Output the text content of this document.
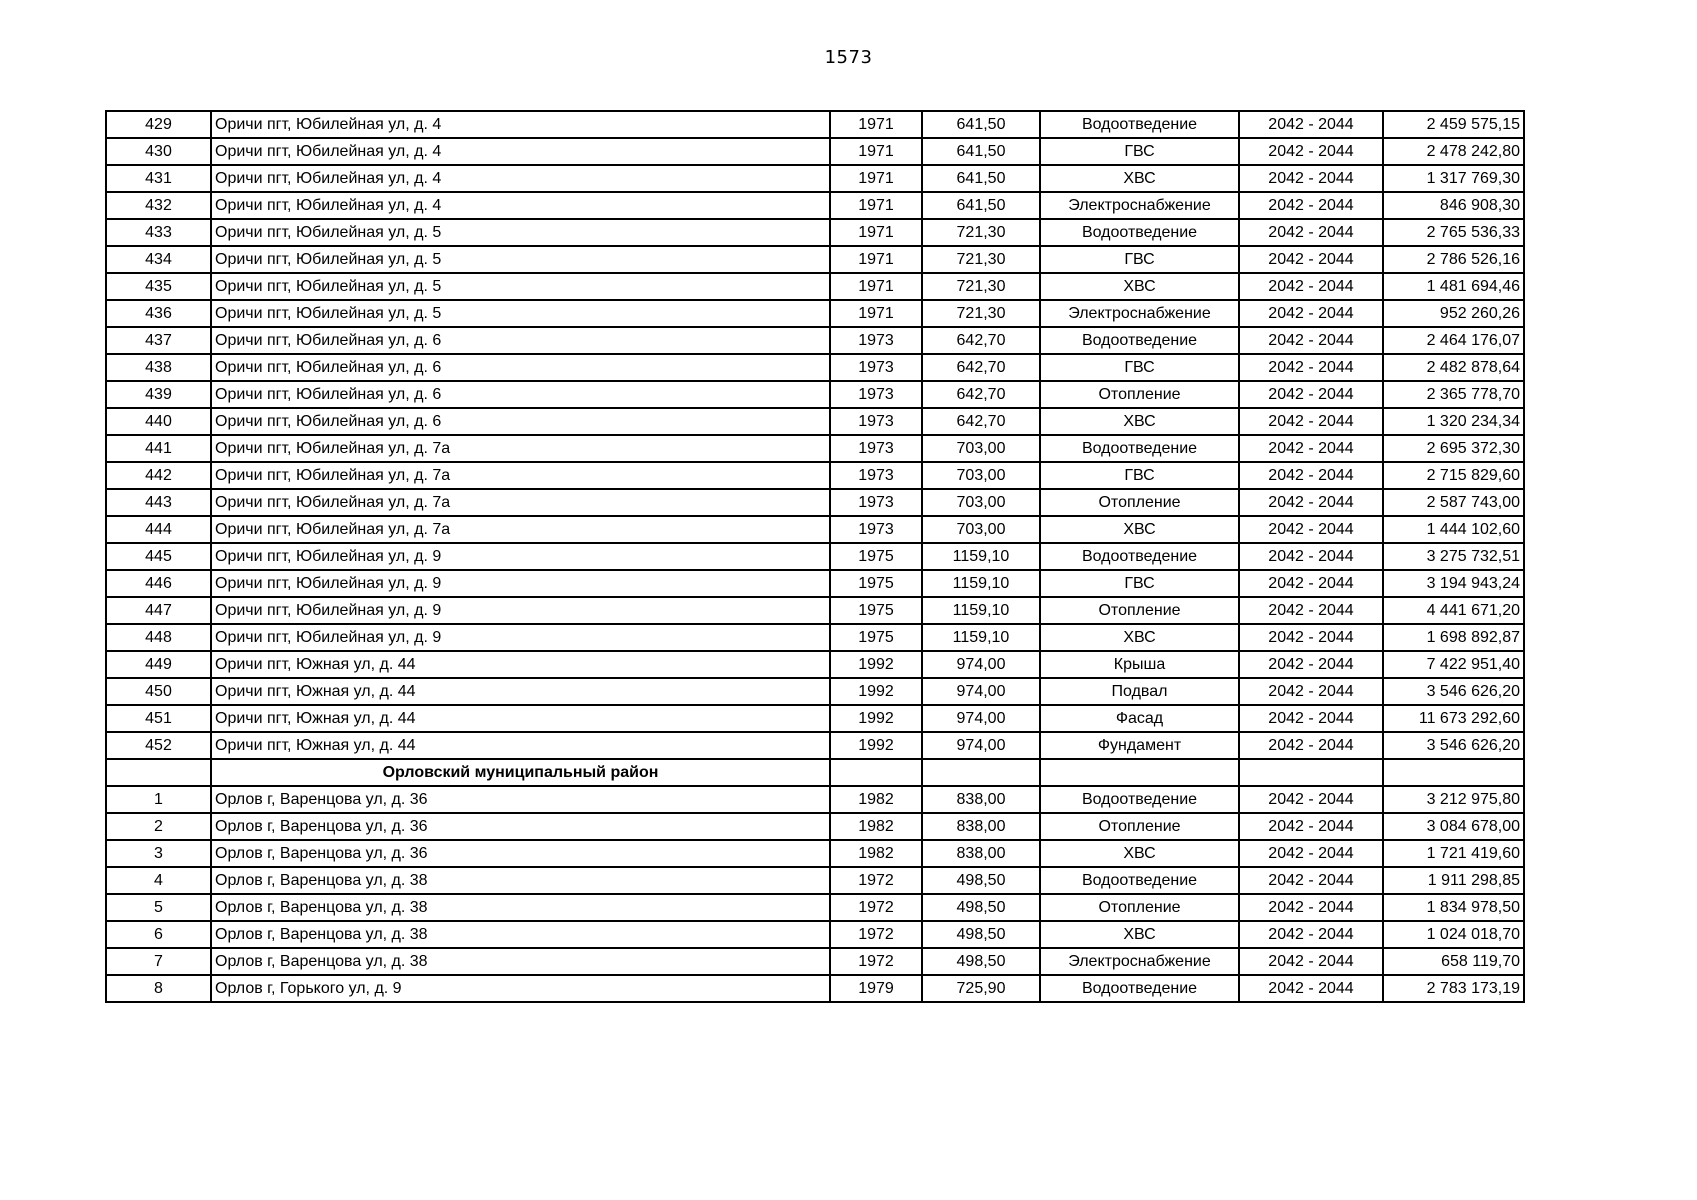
1573
429	Оричи пгт, Юбилейная ул, д. 4	1971	641,50	Водоотведение	2042 - 2044	2 459 575,15
430	Оричи пгт, Юбилейная ул, д. 4	1971	641,50	ГВС	2042 - 2044	2 478 242,80
431	Оричи пгт, Юбилейная ул, д. 4	1971	641,50	ХВС	2042 - 2044	1 317 769,30
432	Оричи пгт, Юбилейная ул, д. 4	1971	641,50	Электроснабжение	2042 - 2044	846 908,30
433	Оричи пгт, Юбилейная ул, д. 5	1971	721,30	Водоотведение	2042 - 2044	2 765 536,33
434	Оричи пгт, Юбилейная ул, д. 5	1971	721,30	ГВС	2042 - 2044	2 786 526,16
435	Оричи пгт, Юбилейная ул, д. 5	1971	721,30	ХВС	2042 - 2044	1 481 694,46
436	Оричи пгт, Юбилейная ул, д. 5	1971	721,30	Электроснабжение	2042 - 2044	952 260,26
437	Оричи пгт, Юбилейная ул, д. 6	1973	642,70	Водоотведение	2042 - 2044	2 464 176,07
438	Оричи пгт, Юбилейная ул, д. 6	1973	642,70	ГВС	2042 - 2044	2 482 878,64
439	Оричи пгт, Юбилейная ул, д. 6	1973	642,70	Отопление	2042 - 2044	2 365 778,70
440	Оричи пгт, Юбилейная ул, д. 6	1973	642,70	ХВС	2042 - 2044	1 320 234,34
441	Оричи пгт, Юбилейная ул, д. 7а	1973	703,00	Водоотведение	2042 - 2044	2 695 372,30
442	Оричи пгт, Юбилейная ул, д. 7а	1973	703,00	ГВС	2042 - 2044	2 715 829,60
443	Оричи пгт, Юбилейная ул, д. 7а	1973	703,00	Отопление	2042 - 2044	2 587 743,00
444	Оричи пгт, Юбилейная ул, д. 7а	1973	703,00	ХВС	2042 - 2044	1 444 102,60
445	Оричи пгт, Юбилейная ул, д. 9	1975	1159,10	Водоотведение	2042 - 2044	3 275 732,51
446	Оричи пгт, Юбилейная ул, д. 9	1975	1159,10	ГВС	2042 - 2044	3 194 943,24
447	Оричи пгт, Юбилейная ул, д. 9	1975	1159,10	Отопление	2042 - 2044	4 441 671,20
448	Оричи пгт, Юбилейная ул, д. 9	1975	1159,10	ХВС	2042 - 2044	1 698 892,87
449	Оричи пгт, Южная ул, д. 44	1992	974,00	Крыша	2042 - 2044	7 422 951,40
450	Оричи пгт, Южная ул, д. 44	1992	974,00	Подвал	2042 - 2044	3 546 626,20
451	Оричи пгт, Южная ул, д. 44	1992	974,00	Фасад	2042 - 2044	11 673 292,60
452	Оричи пгт, Южная ул, д. 44	1992	974,00	Фундамент	2042 - 2044	3 546 626,20
	Орловский муниципальный район					
1	Орлов г, Варенцова ул, д. 36	1982	838,00	Водоотведение	2042 - 2044	3 212 975,80
2	Орлов г, Варенцова ул, д. 36	1982	838,00	Отопление	2042 - 2044	3 084 678,00
3	Орлов г, Варенцова ул, д. 36	1982	838,00	ХВС	2042 - 2044	1 721 419,60
4	Орлов г, Варенцова ул, д. 38	1972	498,50	Водоотведение	2042 - 2044	1 911 298,85
5	Орлов г, Варенцова ул, д. 38	1972	498,50	Отопление	2042 - 2044	1 834 978,50
6	Орлов г, Варенцова ул, д. 38	1972	498,50	ХВС	2042 - 2044	1 024 018,70
7	Орлов г, Варенцова ул, д. 38	1972	498,50	Электроснабжение	2042 - 2044	658 119,70
8	Орлов г, Горького ул, д. 9	1979	725,90	Водоотведение	2042 - 2044	2 783 173,19
